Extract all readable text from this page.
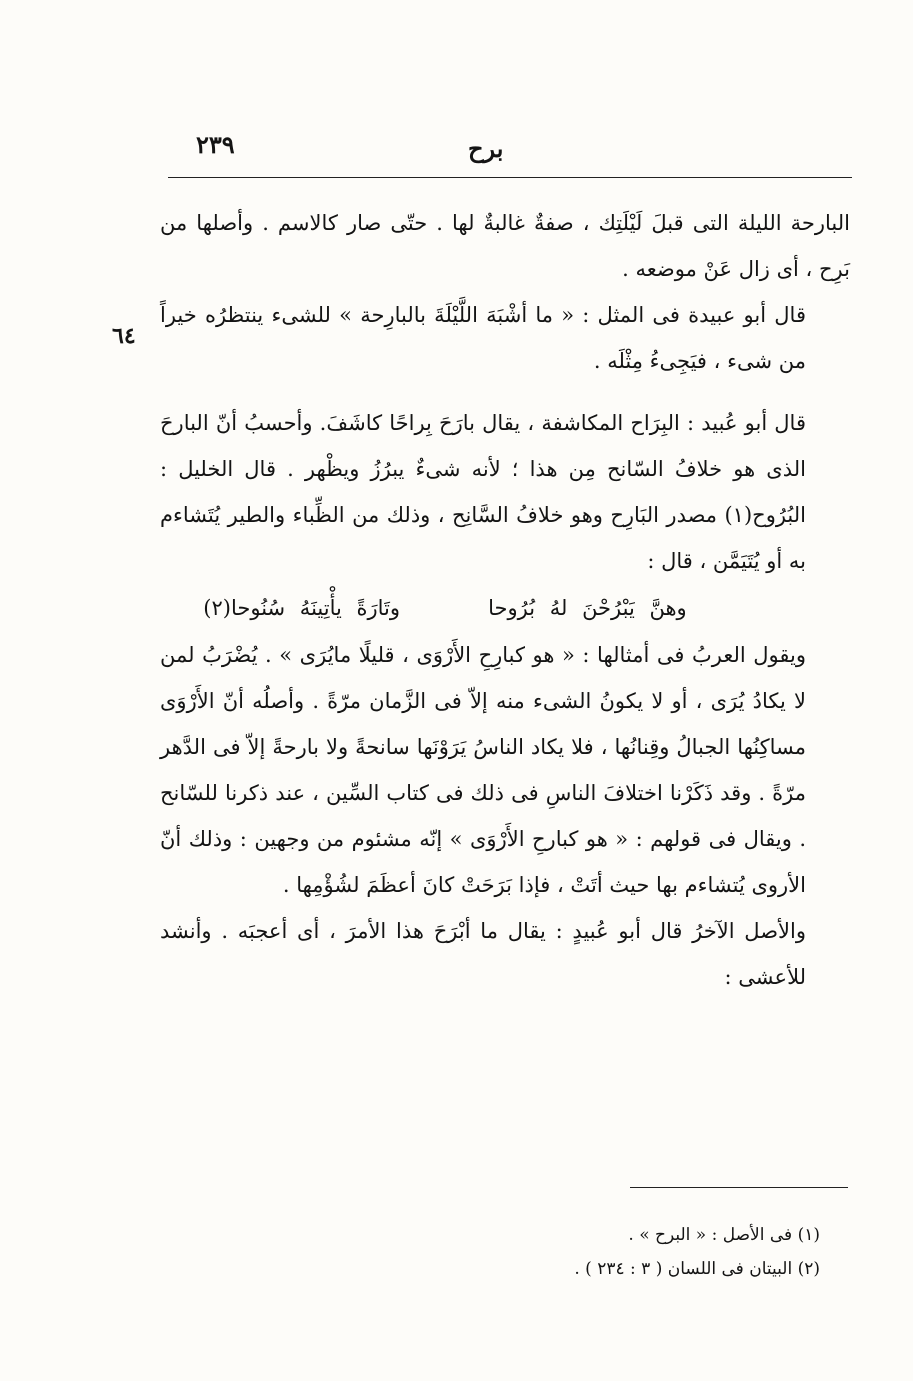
٢٣٩	برح
٦٤

البارحة الليلة التى قبلَ لَيْلَتِك ، صفةٌ غالبةٌ لها . حتّى صار كالاسم . وأصلها من بَرِح ، أى زال عَنْ موضعه .

قال أبو عبيدة فى المثل : « ما أشْبَهَ اللَّيْلَةَ بالبارِحة » للشىء ينتظرُه خيراً من شىء ، فيَجِىءُ مِثْلَه .

قال أبو عُبيد : البِرَاح المكاشفة ، يقال بارَحَ بِراحًا كاشَفَ. وأحسبُ أنّ البارحَ الذى هو خلافُ السّانح مِن هذا ؛ لأنه شىءٌ يبرُزُ ويظْهر . قال الخليل : البُرُوح(١) مصدر البَارِح وهو خلافُ السَّانِح ، وذلك من الظِّباء والطير يُتَشاءم به أو يُتَيَمَّن ، قال :

وهنَّ يَبْرُحْنَ لهُ بُرُوحا      وتَارَةً يأْتِينَهُ سُنُوحا(٢)

ويقول العربُ فى أمثالها : « هو كبارِحِ الأَرْوَى ، قليلًا مايُرَى » . يُضْرَبُ لمن لا يكادُ يُرَى ، أو لا يكونُ الشىء منه إلاّ فى الزَّمان مرّةً . وأصلُه أنّ الأَرْوَى مساكِنُها الجبالُ وقِنانُها ، فلا يكاد الناسُ يَرَوْنَها سانحةً ولا بارحةً إلاّ فى الدَّهر مرّةً . وقد ذَكَرْنا اختلافَ الناسِ فى ذلك فى كتاب السِّين ، عند ذكرنا للسّانح . ويقال فى قولهم : « هو كبارحِ الأَرْوَى » إنّه مشئوم من وجهين : وذلك أنّ الأروى يُتشاءم بها حيث أتَتْ ، فإذا بَرَحَتْ كانَ أعظَمَ لشُؤْمِها .

والأصل الآخرُ قال أبو عُبيدٍ : يقال ما أبْرَحَ هذا الأمرَ ، أى أعجبَه . وأنشد للأعشى :

(١) فى الأصل : « البرح » .
(٢) البيتان فى اللسان ( ٣ : ٢٣٤ ) .
